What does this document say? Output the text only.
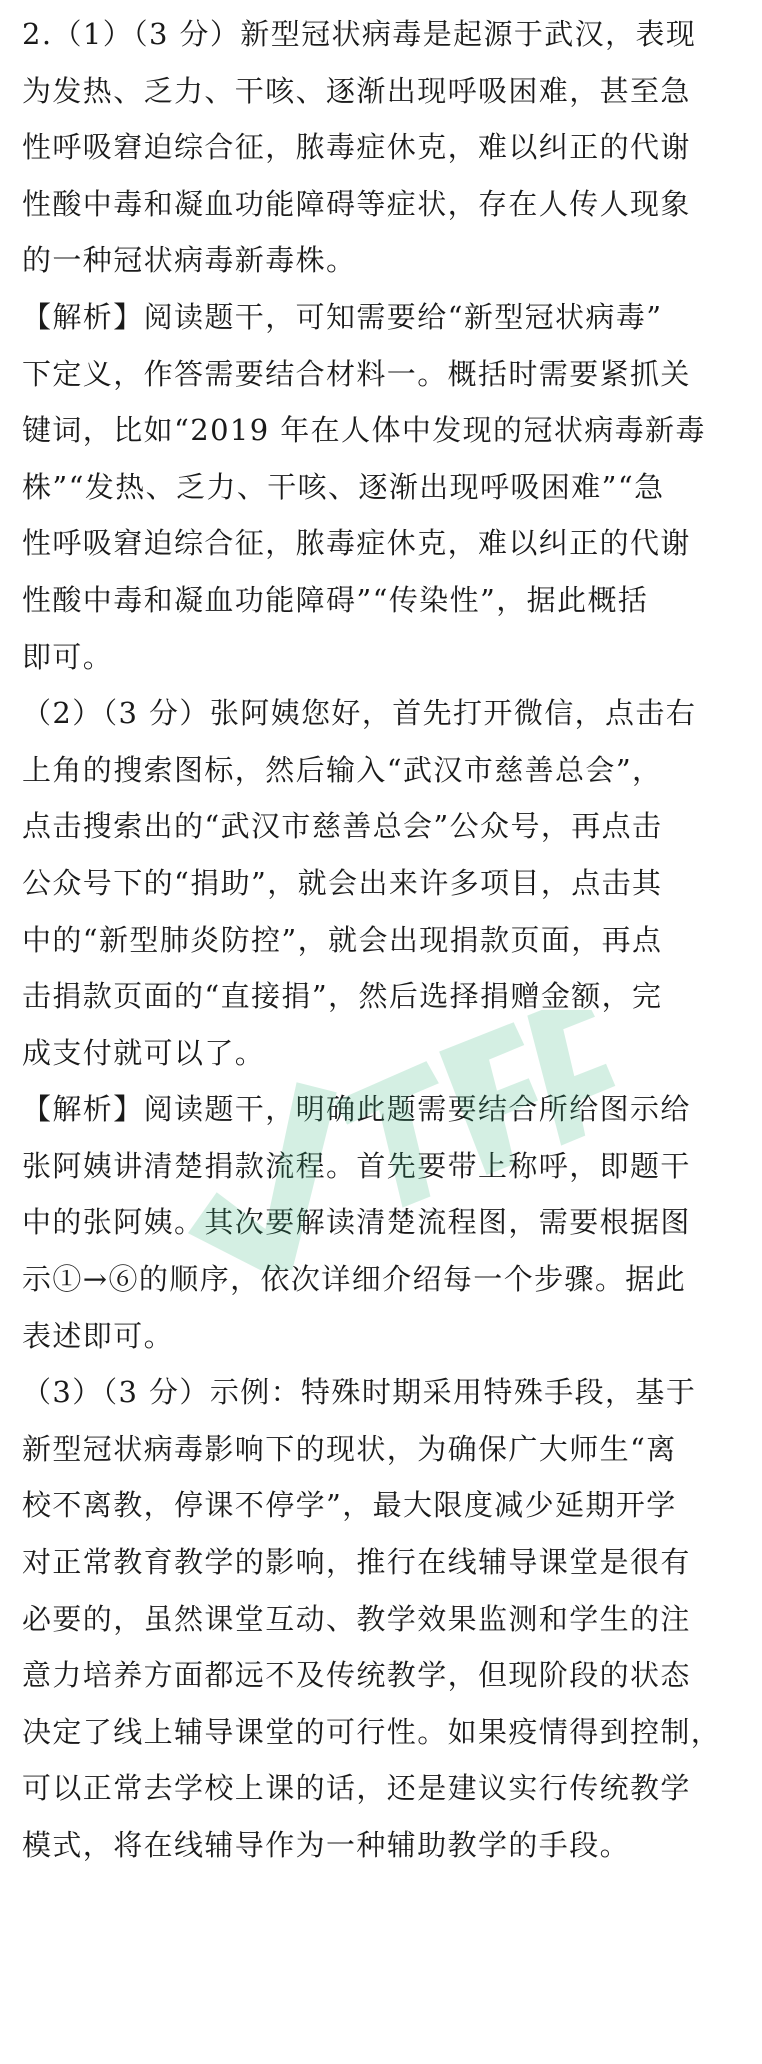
2.（1）（3 分）新型冠状病毒是起源于武汉，表现
为发热、乏力、干咳、逐渐出现呼吸困难，甚至急
性呼吸窘迫综合征，脓毒症休克，难以纠正的代谢
性酸中毒和凝血功能障碍等症状，存在人传人现象
的一种冠状病毒新毒株。
【解析】阅读题干，可知需要给“新型冠状病毒”
下定义，作答需要结合材料一。概括时需要紧抓关
键词，比如“2019 年在人体中发现的冠状病毒新毒
株”“发热、乏力、干咳、逐渐出现呼吸困难”“急
性呼吸窘迫综合征，脓毒症休克，难以纠正的代谢
性酸中毒和凝血功能障碍”“传染性”，据此概括
即可。
（2）（3 分）张阿姨您好，首先打开微信，点击右
上角的搜索图标，然后输入“武汉市慈善总会”，
点击搜索出的“武汉市慈善总会”公众号，再点击
公众号下的“捐助”，就会出来许多项目，点击其
中的“新型肺炎防控”，就会出现捐款页面，再点
击捐款页面的“直接捐”，然后选择捐赠金额，完
成支付就可以了。
【解析】阅读题干，明确此题需要结合所给图示给
张阿姨讲清楚捐款流程。首先要带上称呼，即题干
中的张阿姨。其次要解读清楚流程图，需要根据图
示①→⑥的顺序，依次详细介绍每一个步骤。据此
表述即可。
（3）（3 分）示例：特殊时期采用特殊手段，基于
新型冠状病毒影响下的现状，为确保广大师生“离
校不离教，停课不停学”，最大限度减少延期开学
对正常教育教学的影响，推行在线辅导课堂是很有
必要的，虽然课堂互动、教学效果监测和学生的注
意力培养方面都远不及传统教学，但现阶段的状态
决定了线上辅导课堂的可行性。如果疫情得到控制，
可以正常去学校上课的话，还是建议实行传统教学
模式，将在线辅导作为一种辅助教学的手段。
